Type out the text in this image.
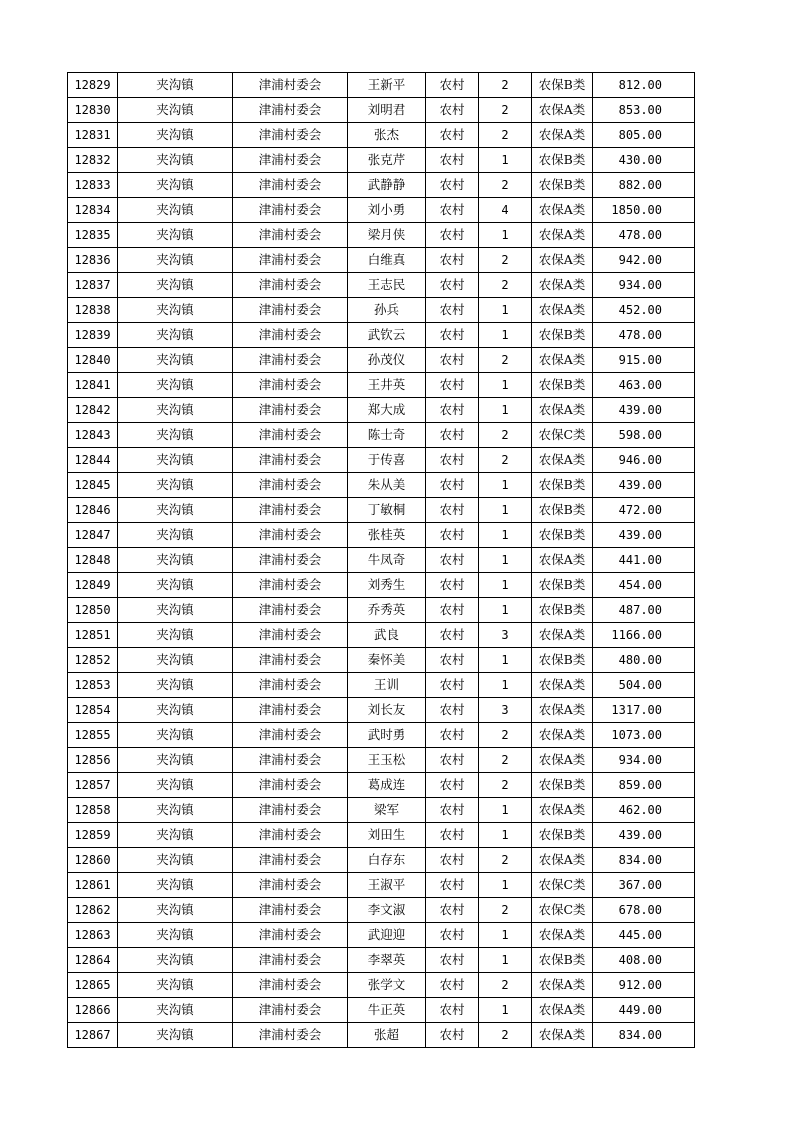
12829	夹沟镇	津浦村委会	王新平	农村	2	农保B类	812.00
12830	夹沟镇	津浦村委会	刘明君	农村	2	农保A类	853.00
12831	夹沟镇	津浦村委会	张杰	农村	2	农保A类	805.00
12832	夹沟镇	津浦村委会	张克芹	农村	1	农保B类	430.00
12833	夹沟镇	津浦村委会	武静静	农村	2	农保B类	882.00
12834	夹沟镇	津浦村委会	刘小勇	农村	4	农保A类	1850.00
12835	夹沟镇	津浦村委会	梁月侠	农村	1	农保A类	478.00
12836	夹沟镇	津浦村委会	白维真	农村	2	农保A类	942.00
12837	夹沟镇	津浦村委会	王志民	农村	2	农保A类	934.00
12838	夹沟镇	津浦村委会	孙兵	农村	1	农保A类	452.00
12839	夹沟镇	津浦村委会	武钦云	农村	1	农保B类	478.00
12840	夹沟镇	津浦村委会	孙茂仪	农村	2	农保A类	915.00
12841	夹沟镇	津浦村委会	王井英	农村	1	农保B类	463.00
12842	夹沟镇	津浦村委会	郑大成	农村	1	农保A类	439.00
12843	夹沟镇	津浦村委会	陈士奇	农村	2	农保C类	598.00
12844	夹沟镇	津浦村委会	于传喜	农村	2	农保A类	946.00
12845	夹沟镇	津浦村委会	朱从美	农村	1	农保B类	439.00
12846	夹沟镇	津浦村委会	丁敏桐	农村	1	农保B类	472.00
12847	夹沟镇	津浦村委会	张桂英	农村	1	农保B类	439.00
12848	夹沟镇	津浦村委会	牛凤奇	农村	1	农保A类	441.00
12849	夹沟镇	津浦村委会	刘秀生	农村	1	农保B类	454.00
12850	夹沟镇	津浦村委会	乔秀英	农村	1	农保B类	487.00
12851	夹沟镇	津浦村委会	武良	农村	3	农保A类	1166.00
12852	夹沟镇	津浦村委会	秦怀美	农村	1	农保B类	480.00
12853	夹沟镇	津浦村委会	王训	农村	1	农保A类	504.00
12854	夹沟镇	津浦村委会	刘长友	农村	3	农保A类	1317.00
12855	夹沟镇	津浦村委会	武时勇	农村	2	农保A类	1073.00
12856	夹沟镇	津浦村委会	王玉松	农村	2	农保A类	934.00
12857	夹沟镇	津浦村委会	葛成连	农村	2	农保B类	859.00
12858	夹沟镇	津浦村委会	梁军	农村	1	农保A类	462.00
12859	夹沟镇	津浦村委会	刘田生	农村	1	农保B类	439.00
12860	夹沟镇	津浦村委会	白存东	农村	2	农保A类	834.00
12861	夹沟镇	津浦村委会	王淑平	农村	1	农保C类	367.00
12862	夹沟镇	津浦村委会	李文淑	农村	2	农保C类	678.00
12863	夹沟镇	津浦村委会	武迎迎	农村	1	农保A类	445.00
12864	夹沟镇	津浦村委会	李翠英	农村	1	农保B类	408.00
12865	夹沟镇	津浦村委会	张学文	农村	2	农保A类	912.00
12866	夹沟镇	津浦村委会	牛正英	农村	1	农保A类	449.00
12867	夹沟镇	津浦村委会	张超	农村	2	农保A类	834.00
